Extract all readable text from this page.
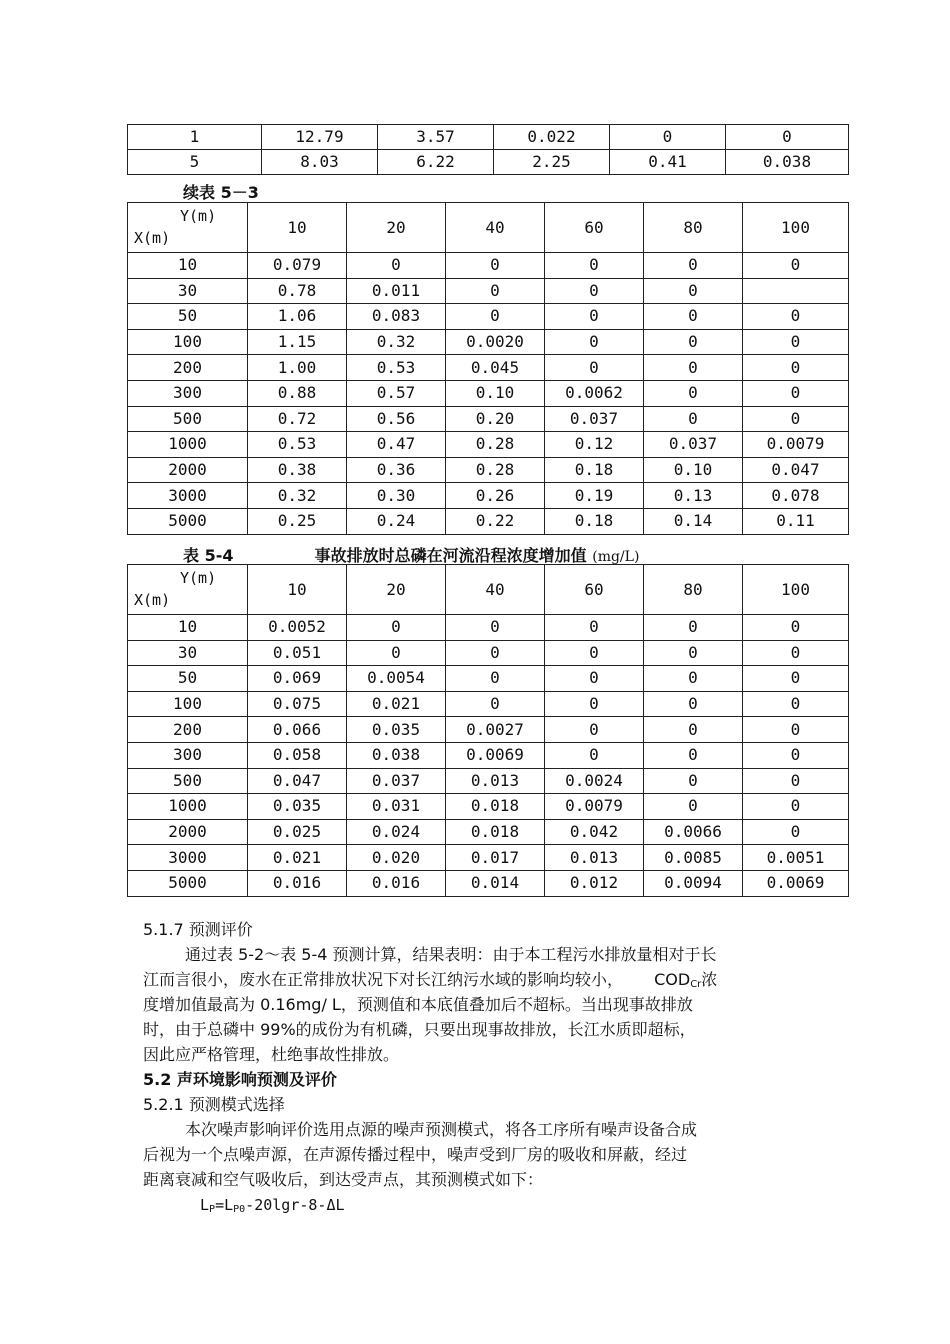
1	12.79	3.57	0.022	0	0
5	8.03	6.22	2.25	0.41	0.038
续表 5－3
Y(m)
X(m)	10	20	40	60	80	100
10	0.079	0	0	0	0	0
30	0.78	0.011	0	0	0	
50	1.06	0.083	0	0	0	0
100	1.15	0.32	0.0020	0	0	0
200	1.00	0.53	0.045	0	0	0
300	0.88	0.57	0.10	0.0062	0	0
500	0.72	0.56	0.20	0.037	0	0
1000	0.53	0.47	0.28	0.12	0.037	0.0079
2000	0.38	0.36	0.28	0.18	0.10	0.047
3000	0.32	0.30	0.26	0.19	0.13	0.078
5000	0.25	0.24	0.22	0.18	0.14	0.11
表 5-4	事故排放时总磷在河流沿程浓度增加值 (mg/L)
Y(m)
X(m)	10	20	40	60	80	100
10	0.0052	0	0	0	0	0
30	0.051	0	0	0	0	0
50	0.069	0.0054	0	0	0	0
100	0.075	0.021	0	0	0	0
200	0.066	0.035	0.0027	0	0	0
300	0.058	0.038	0.0069	0	0	0
500	0.047	0.037	0.013	0.0024	0	0
1000	0.035	0.031	0.018	0.0079	0	0
2000	0.025	0.024	0.018	0.042	0.0066	0
3000	0.021	0.020	0.017	0.013	0.0085	0.0051
5000	0.016	0.016	0.014	0.012	0.0094	0.0069
5.1.7 预测评价
通过表 5-2～表 5-4 预测计算，结果表明：由于本工程污水排放量相对于长
江而言很小，废水在正常排放状况下对长江纳污水域的影响均较小， $COD_{Cr}$浓
度增加值最高为 0.16mg/ L，预测值和本底值叠加后不超标。当出现事故排放
时，由于总磷中 99%的成份为有机磷，只要出现事故排放，长江水质即超标，
因此应严格管理，杜绝事故性排放。
5.2 声环境影响预测及评价
5.2.1 预测模式选择
本次噪声影响评价选用点源的噪声预测模式，将各工序所有噪声设备合成
后视为一个点噪声源，在声源传播过程中，噪声受到厂房的吸收和屏蔽，经过
距离衰减和空气吸收后，到达受声点，其预测模式如下：
$L_P=L_{P0}-20\lg r-8-\Delta L$
